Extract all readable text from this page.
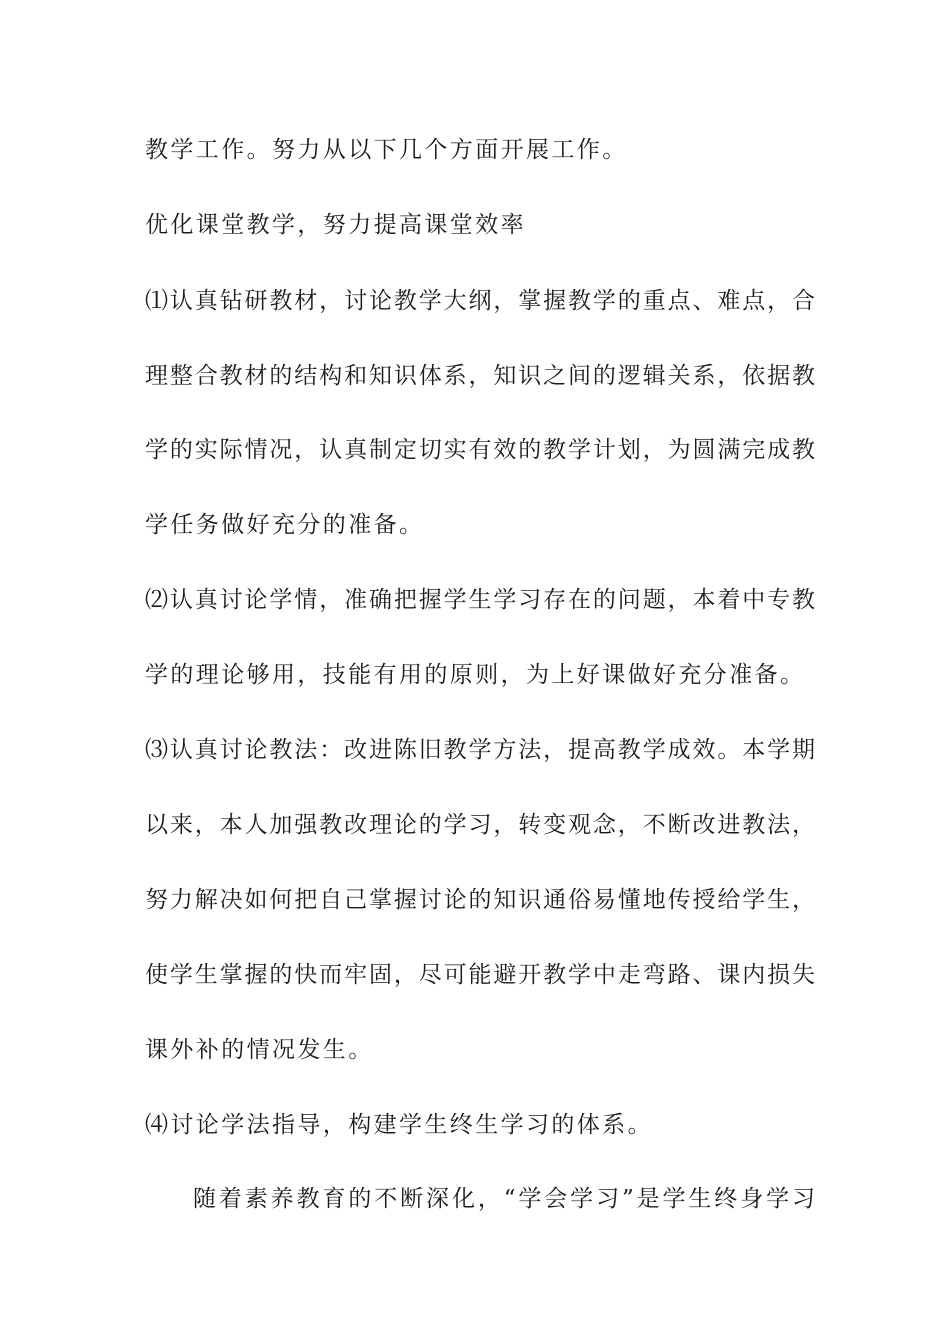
教学工作。努力从以下几个方面开展工作。
优化课堂教学，努力提高课堂效率
⑴认真钻研教材，讨论教学大纲，掌握教学的重点、难点，合
理整合教材的结构和知识体系，知识之间的逻辑关系，依据教
学的实际情况，认真制定切实有效的教学计划，为圆满完成教
学任务做好充分的准备。
⑵认真讨论学情，准确把握学生学习存在的问题，本着中专教
学的理论够用，技能有用的原则，为上好课做好充分准备。
⑶认真讨论教法：改进陈旧教学方法，提高教学成效。本学期
以来，本人加强教改理论的学习，转变观念，不断改进教法，
努力解决如何把自己掌握讨论的知识通俗易懂地传授给学生，
使学生掌握的快而牢固，尽可能避开教学中走弯路、课内损失
课外补的情况发生。
⑷讨论学法指导，构建学生终生学习的体系。
随着素养教育的不断深化，“学会学习”是学生终身学习
